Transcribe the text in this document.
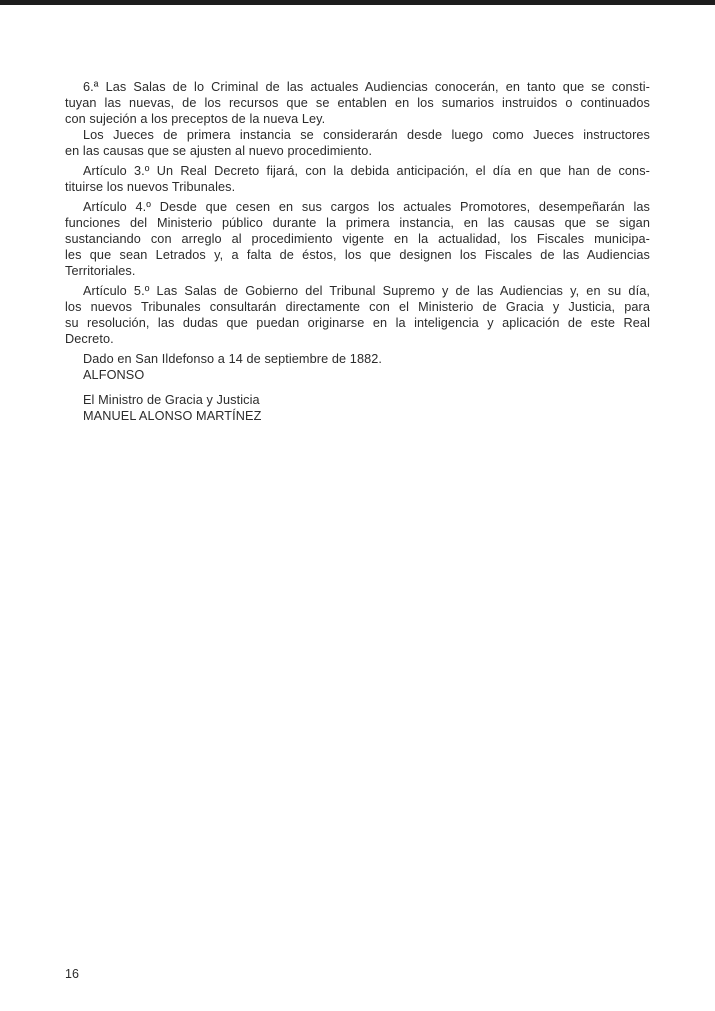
6.ª Las Salas de lo Criminal de las actuales Audiencias conocerán, en tanto que se consti-
tuyan las nuevas, de los recursos que se entablen en los sumarios instruidos o continuados
con sujeción a los preceptos de la nueva Ley.

Los Jueces de primera instancia se considerarán desde luego como Jueces instructores
en las causas que se ajusten al nuevo procedimiento.

Artículo 3.º Un Real Decreto fijará, con la debida anticipación, el día en que han de cons-
tituirse los nuevos Tribunales.

Artículo 4.º Desde que cesen en sus cargos los actuales Promotores, desempeñarán las
funciones del Ministerio público durante la primera instancia, en las causas que se sigan
sustanciando con arreglo al procedimiento vigente en la actualidad, los Fiscales municipa-
les que sean Letrados y, a falta de éstos, los que designen los Fiscales de las Audiencias
Territoriales.

Artículo 5.º Las Salas de Gobierno del Tribunal Supremo y de las Audiencias y, en su día,
los nuevos Tribunales consultarán directamente con el Ministerio de Gracia y Justicia, para
su resolución, las dudas que puedan originarse en la inteligencia y aplicación de este Real
Decreto.

Dado en San Ildefonso a 14 de septiembre de 1882.
ALFONSO

El Ministro de Gracia y Justicia
MANUEL ALONSO MARTÍNEZ

16
